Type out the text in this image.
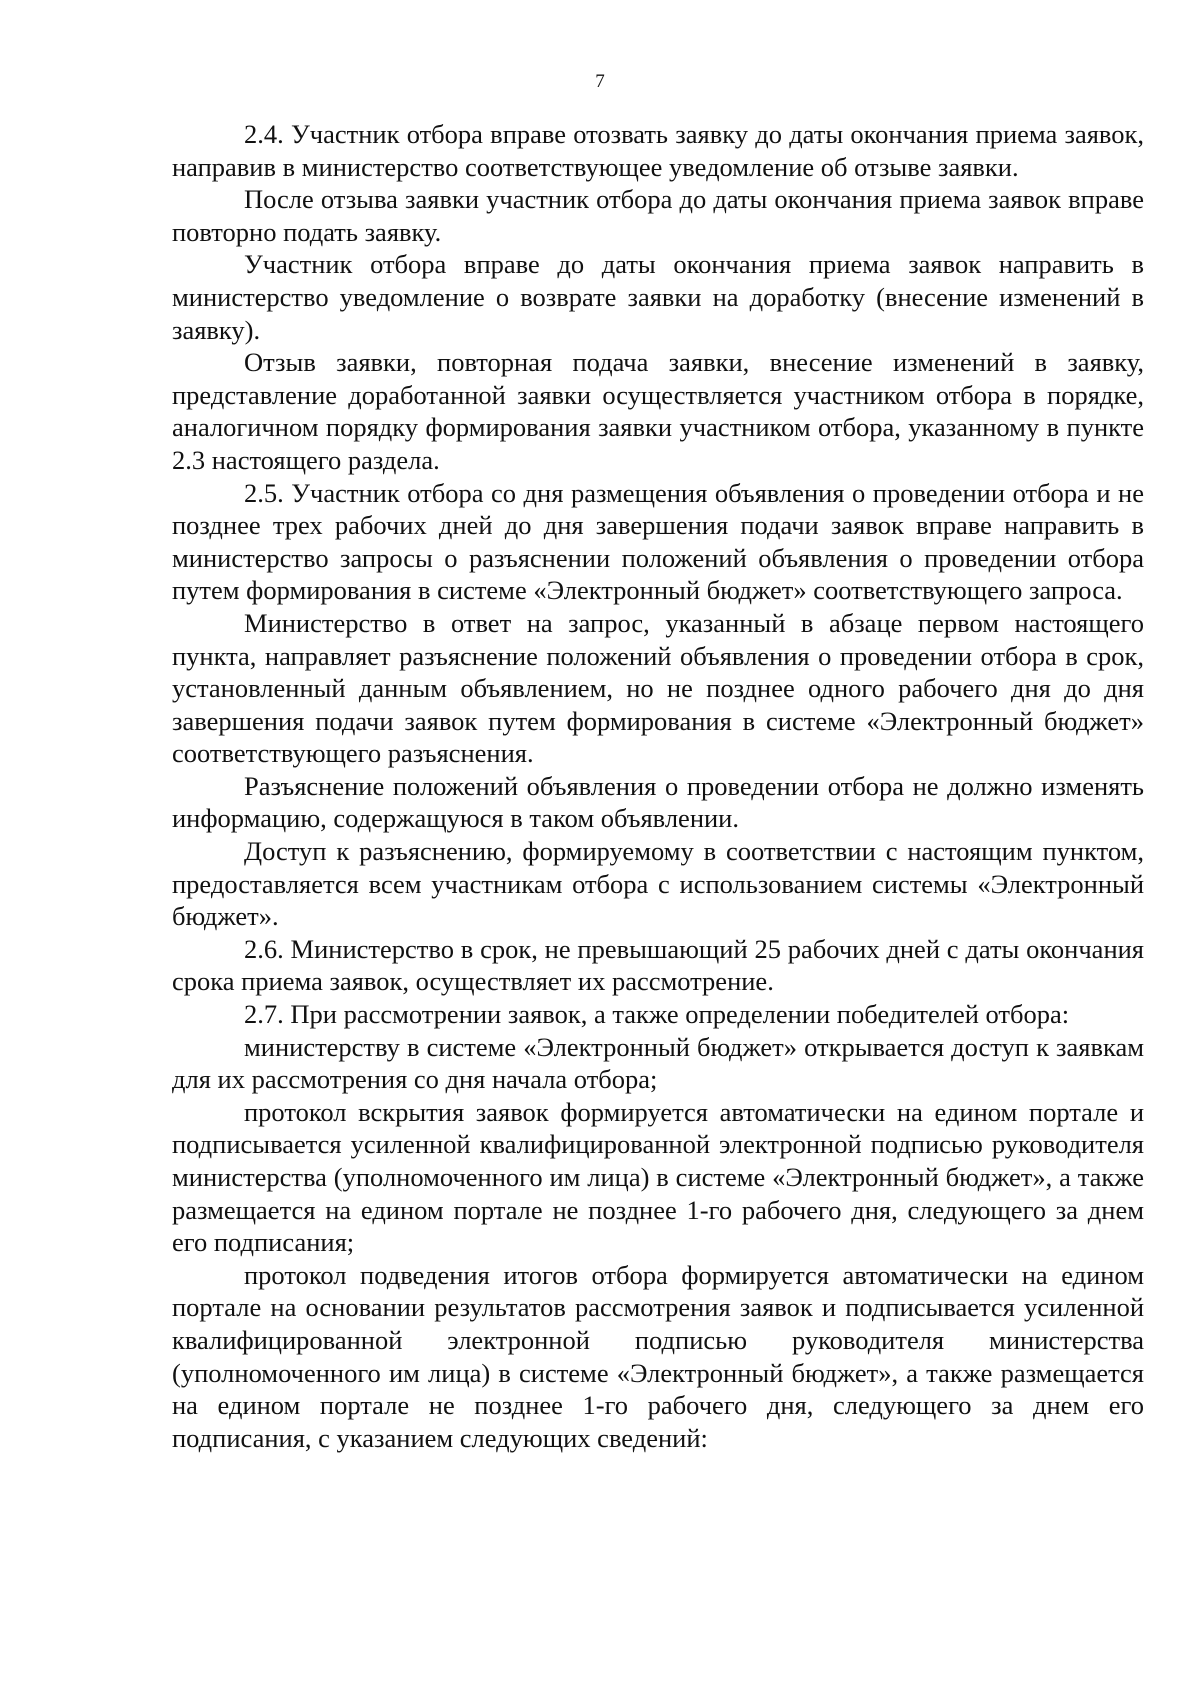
7

2.4. Участник отбора вправе отозвать заявку до даты окончания приема заявок, направив в министерство соответствующее уведомление об отзыве заявки.

После отзыва заявки участник отбора до даты окончания приема заявок вправе повторно подать заявку.

Участник отбора вправе до даты окончания приема заявок направить в министерство уведомление о возврате заявки на доработку (внесение изменений в заявку).

Отзыв заявки, повторная подача заявки, внесение изменений в заявку, представление доработанной заявки осуществляется участником отбора в порядке, аналогичном порядку формирования заявки участником отбора, указанному в пункте 2.3 настоящего раздела.

2.5. Участник отбора со дня размещения объявления о проведении отбора и не позднее трех рабочих дней до дня завершения подачи заявок вправе направить в министерство запросы о разъяснении положений объявления о проведении отбора путем формирования в системе «Электронный бюджет» соответствующего запроса.

Министерство в ответ на запрос, указанный в абзаце первом настоящего пункта, направляет разъяснение положений объявления о проведении отбора в срок, установленный данным объявлением, но не позднее одного рабочего дня до дня завершения подачи заявок путем формирования в системе «Электронный бюджет» соответствующего разъяснения.

Разъяснение положений объявления о проведении отбора не должно изменять информацию, содержащуюся в таком объявлении.

Доступ к разъяснению, формируемому в соответствии с настоящим пунктом, предоставляется всем участникам отбора с использованием системы «Электронный бюджет».

2.6. Министерство в срок, не превышающий 25 рабочих дней с даты окончания срока приема заявок, осуществляет их рассмотрение.

2.7. При рассмотрении заявок, а также определении победителей отбора:

министерству в системе «Электронный бюджет» открывается доступ к заявкам для их рассмотрения со дня начала отбора;

протокол вскрытия заявок формируется автоматически на едином портале и подписывается усиленной квалифицированной электронной подписью руководителя министерства (уполномоченного им лица) в системе «Электронный бюджет», а также размещается на едином портале не позднее 1-го рабочего дня, следующего за днем его подписания;

протокол подведения итогов отбора формируется автоматически на едином портале на основании результатов рассмотрения заявок и подписывается усиленной квалифицированной электронной подписью руководителя министерства (уполномоченного им лица) в системе «Электронный бюджет», а также размещается на едином портале не позднее 1-го рабочего дня, следующего за днем его подписания, с указанием следующих сведений:
